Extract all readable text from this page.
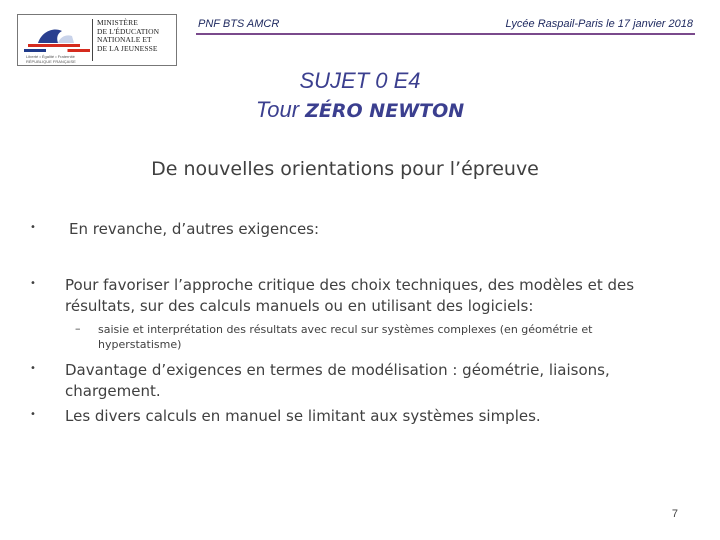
Liberté • Égalité • Fraternité
RÉPUBLIQUE FRANÇAISE
MINISTÈRE
DE L'ÉDUCATION
NATIONALE ET
DE LA JEUNESSE
PNF BTS AMCR	Lycée Raspail-Paris le 17 janvier 2018
SUJET 0 E4
Tour ZÉRO NEWTON
De nouvelles orientations pour l’épreuve
• En revanche, d’autres exigences:
• Pour favoriser l’approche critique des choix techniques, des modèles et des
résultats, sur des calculs manuels ou en utilisant des logiciels:
– saisie et interprétation des résultats avec recul sur systèmes complexes (en géométrie et
hyperstatisme)
• Davantage d’exigences en termes de modélisation : géométrie, liaisons,
chargement.
• Les divers calculs en manuel se limitant aux systèmes simples.
7
